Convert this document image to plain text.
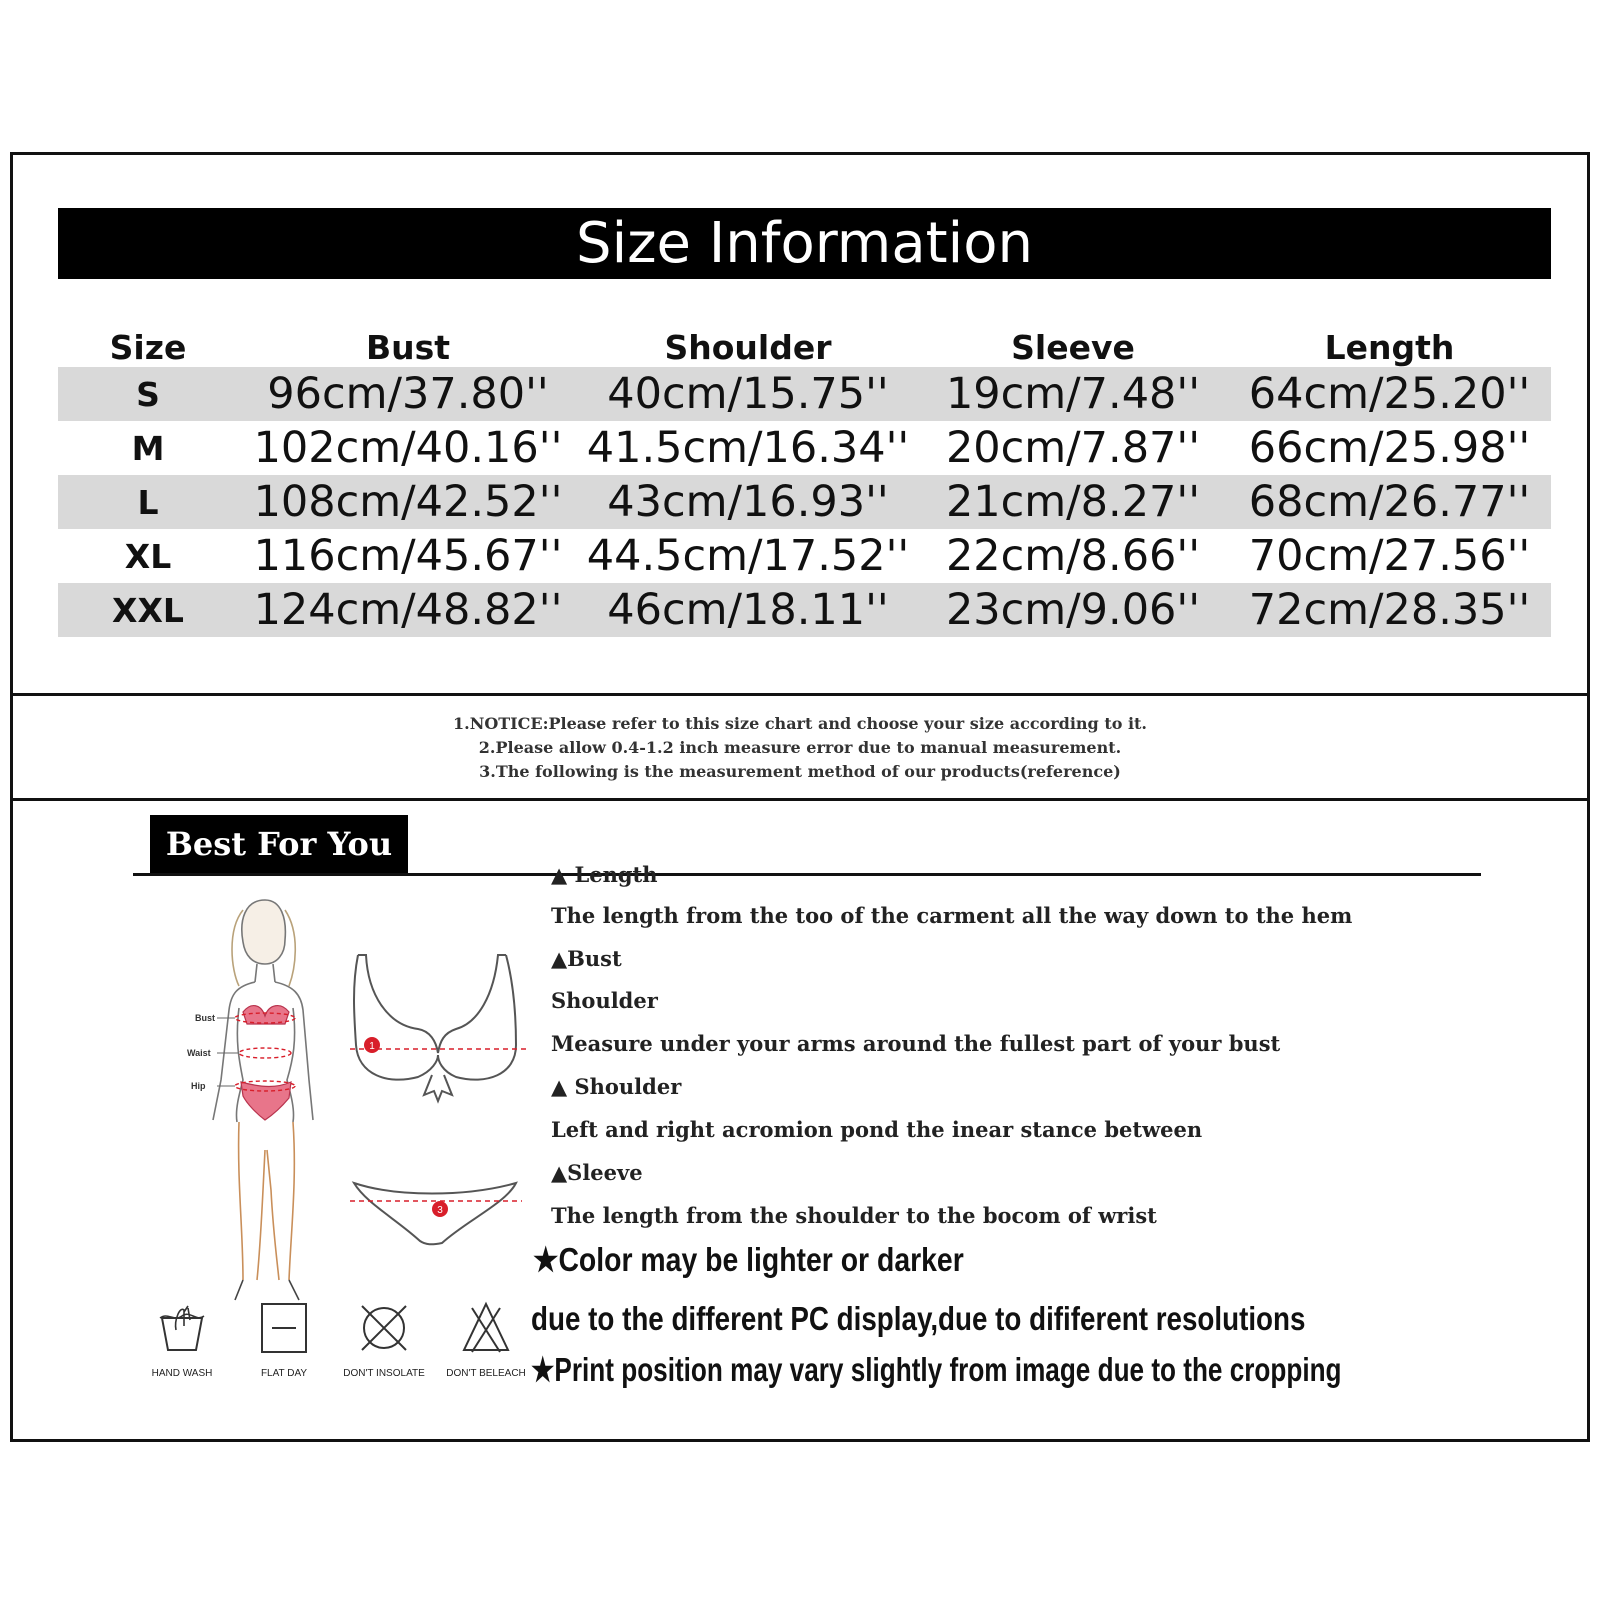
Size Information
Size	Bust	Shoulder	Sleeve	Length
S	96cm/37.80''	40cm/15.75''	19cm/7.48''	64cm/25.20''
M	102cm/40.16''	41.5cm/16.34''	20cm/7.87''	66cm/25.98''
L	108cm/42.52''	43cm/16.93''	21cm/8.27''	68cm/26.77''
XL	116cm/45.67''	44.5cm/17.52''	22cm/8.66''	70cm/27.56''
XXL	124cm/48.82''	46cm/18.11''	23cm/9.06''	72cm/28.35''
1.NOTICE:Please refer to this size chart and choose your size according to it.
2.Please allow 0.4-1.2 inch measure error due to manual measurement.
3.The following is the measurement method of our products(reference)
Best For You
Bust
Waist
Hip
1
3
▲ Length
The length from the too of the carment all the way down to the hem
▲Bust
Shoulder
Measure under your arms around the fullest part of your bust
▲ Shoulder
Left and right acromion pond the inear stance between
▲Sleeve
The length from the shoulder to the bocom of wrist
★Color may be lighter or darker
due to the different PC display,due to dififerent resolutions
★Print position may vary slightly from image due to the cropping
HAND WASH	FLAT DAY	DON'T INSOLATE	DON'T BELEACH
